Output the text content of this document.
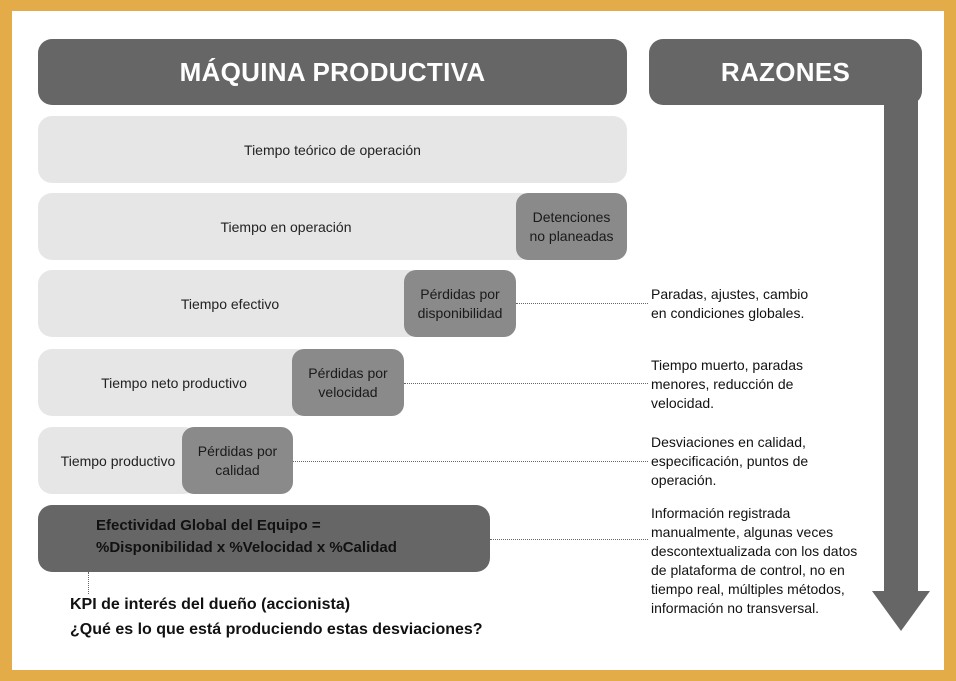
MÁQUINA PRODUCTIVA	RAZONES
Tiempo teórico de operación
Tiempo en operación
Detenciones
no planeadas
Tiempo efectivo
Pérdidas por
disponibilidad
Tiempo neto productivo
Pérdidas por
velocidad
Tiempo productivo
Pérdidas por
calidad
Efectividad Global del Equipo =
%Disponibilidad x %Velocidad x %Calidad
Paradas, ajustes, cambio
en condiciones globales.
Tiempo muerto, paradas
menores, reducción de
velocidad.
Desviaciones en calidad,
especificación, puntos de
operación.
Información registrada
manualmente, algunas veces
descontextualizada con los datos
de plataforma de control, no en
tiempo real, múltiples métodos,
información no transversal.
KPI de interés del dueño (accionista)
¿Qué es lo que está produciendo estas desviaciones?
